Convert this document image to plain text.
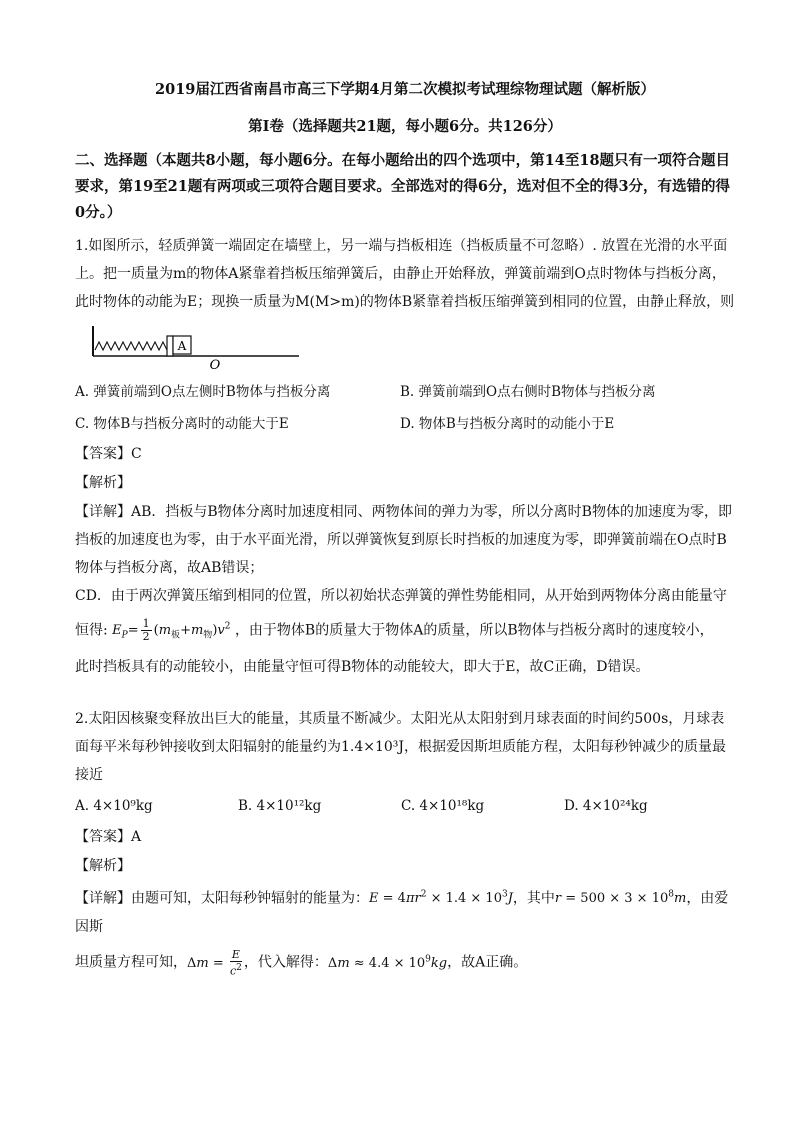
2019届江西省南昌市高三下学期4月第二次模拟考试理综物理试题（解析版）

第Ⅰ卷（选择题共21题，每小题6分。共126分）

二、选择题（本题共8小题，每小题6分。在每小题给出的四个选项中，第14至18题只有一项符合题目要求，第19至21题有两项或三项符合题目要求。全部选对的得6分，选对但不全的得3分，有选错的得0分。）

1.如图所示，轻质弹簧一端固定在墙壁上，另一端与挡板相连（挡板质量不可忽略）. 放置在光滑的水平面上。把一质量为m的物体A紧靠着挡板压缩弹簧后，由静止开始释放，弹簧前端到O点时物体与挡板分离，此时物体的动能为E；现换一质量为M(M>m)的物体B紧靠着挡板压缩弹簧到相同的位置，由静止释放，则

A
O
A. 弹簧前端到O点左侧时B物体与挡板分离	B. 弹簧前端到O点右侧时B物体与挡板分离
C. 物体B与挡板分离时的动能大于E	D. 物体B与挡板分离时的动能小于E

【答案】C

【解析】

【详解】AB．挡板与B物体分离时加速度相同、两物体间的弹力为零，所以分离时B物体的加速度为零，即挡板的加速度也为零，由于水平面光滑，所以弹簧恢复到原长时挡板的加速度为零，即弹簧前端在O点时B物体与挡板分离，故AB错误；

CD．由于两次弹簧压缩到相同的位置，所以初始状态弹簧的弹性势能相同，从开始到两物体分离由能量守

恒得: $E_P= \frac{1}{2} (m_板+m_物)v^2$ ，由于物体B的质量大于物体A的质量，所以B物体与挡板分离时的速度较小，

此时挡板具有的动能较小，由能量守恒可得B物体的动能较大，即大于E，故C正确，D错误。

2.太阳因核聚变释放出巨大的能量，其质量不断减少。太阳光从太阳射到月球表面的时间约500s，月球表面每平米每秒钟接收到太阳辐射的能量约为1.4×10³J，根据爱因斯坦质能方程，太阳每秒钟减少的质量最接近

A. 4×10⁹kg	B. 4×10¹²kg	C. 4×10¹⁸kg	D. 4×10²⁴kg

【答案】A

【解析】

【详解】由题可知，太阳每秒钟辐射的能量为：$E = 4\pi r^2 \times 1.4 \times 10^3J$，其中$r = 500 \times 3 \times 10^8m$，由爱因斯

坦质量方程可知，$\Delta m = \frac{E}{c^2}$ ，代入解得：$\Delta m \approx 4.4 \times 10^9kg$，故A正确。
